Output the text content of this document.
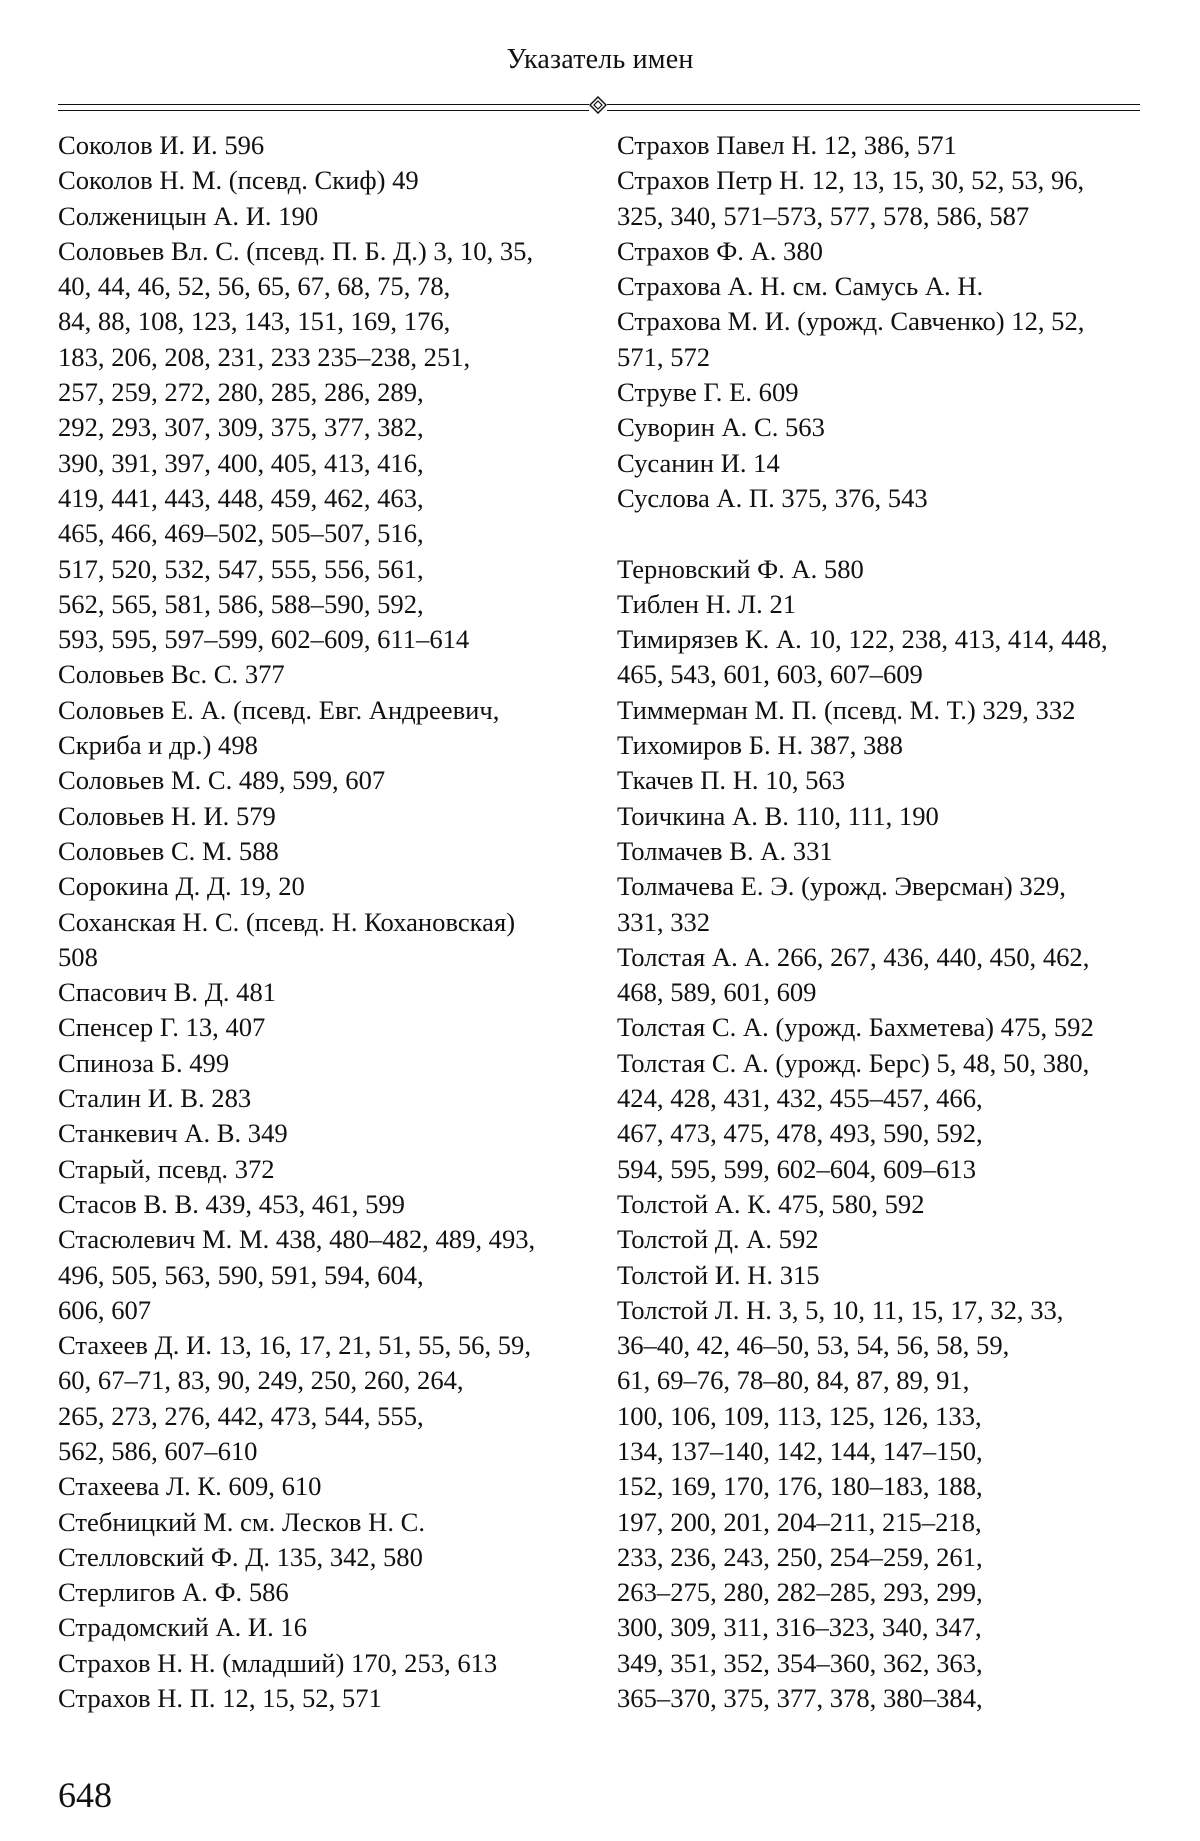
Указатель имен
Соколов И. И. 596
Соколов Н. М. (псевд. Скиф) 49
Солженицын А. И. 190
Соловьев Вл. С. (псевд. П. Б. Д.) 3, 10, 35,
40, 44, 46, 52, 56, 65, 67, 68, 75, 78,
84, 88, 108, 123, 143, 151, 169, 176,
183, 206, 208, 231, 233 235–238, 251,
257, 259, 272, 280, 285, 286, 289,
292, 293, 307, 309, 375, 377, 382,
390, 391, 397, 400, 405, 413, 416,
419, 441, 443, 448, 459, 462, 463,
465, 466, 469–502, 505–507, 516,
517, 520, 532, 547, 555, 556, 561,
562, 565, 581, 586, 588–590, 592,
593, 595, 597–599, 602–609, 611–614
Соловьев Вс. С. 377
Соловьев Е. А. (псевд. Евг. Андреевич,
Скриба и др.) 498
Соловьев М. С. 489, 599, 607
Соловьев Н. И. 579
Соловьев С. М. 588
Сорокина Д. Д. 19, 20
Соханская Н. С. (псевд. Н. Кохановская)
508
Спасович В. Д. 481
Спенсер Г. 13, 407
Спиноза Б. 499
Сталин И. В. 283
Станкевич А. В. 349
Старый, псевд. 372
Стасов В. В. 439, 453, 461, 599
Стасюлевич М. М. 438, 480–482, 489, 493,
496, 505, 563, 590, 591, 594, 604,
606, 607
Стахеев Д. И. 13, 16, 17, 21, 51, 55, 56, 59,
60, 67–71, 83, 90, 249, 250, 260, 264,
265, 273, 276, 442, 473, 544, 555,
562, 586, 607–610
Стахеева Л. К. 609, 610
Стебницкий М. см. Лесков Н. С.
Стелловский Ф. Д. 135, 342, 580
Стерлигов А. Ф. 586
Страдомский А. И. 16
Страхов Н. Н. (младший) 170, 253, 613
Страхов Н. П. 12, 15, 52, 571
Страхов Павел Н. 12, 386, 571
Страхов Петр Н. 12, 13, 15, 30, 52, 53, 96,
325, 340, 571–573, 577, 578, 586, 587
Страхов Ф. А. 380
Страхова А. Н. см. Самусь А. Н.
Страхова М. И. (урожд. Савченко) 12, 52,
571, 572
Струве Г. Е. 609
Суворин А. С. 563
Сусанин И. 14
Суслова А. П. 375, 376, 543
Терновский Ф. А. 580
Тиблен Н. Л. 21
Тимирязев К. А. 10, 122, 238, 413, 414, 448,
465, 543, 601, 603, 607–609
Тиммерман М. П. (псевд. М. Т.) 329, 332
Тихомиров Б. Н. 387, 388
Ткачев П. Н. 10, 563
Тоичкина А. В. 110, 111, 190
Толмачев В. А. 331
Толмачева Е. Э. (урожд. Эверсман) 329,
331, 332
Толстая А. А. 266, 267, 436, 440, 450, 462,
468, 589, 601, 609
Толстая С. А. (урожд. Бахметева) 475, 592
Толстая С. А. (урожд. Берс) 5, 48, 50, 380,
424, 428, 431, 432, 455–457, 466,
467, 473, 475, 478, 493, 590, 592,
594, 595, 599, 602–604, 609–613
Толстой А. К. 475, 580, 592
Толстой Д. А. 592
Толстой И. Н. 315
Толстой Л. Н. 3, 5, 10, 11, 15, 17, 32, 33,
36–40, 42, 46–50, 53, 54, 56, 58, 59,
61, 69–76, 78–80, 84, 87, 89, 91,
100, 106, 109, 113, 125, 126, 133,
134, 137–140, 142, 144, 147–150,
152, 169, 170, 176, 180–183, 188,
197, 200, 201, 204–211, 215–218,
233, 236, 243, 250, 254–259, 261,
263–275, 280, 282–285, 293, 299,
300, 309, 311, 316–323, 340, 347,
349, 351, 352, 354–360, 362, 363,
365–370, 375, 377, 378, 380–384,
648
